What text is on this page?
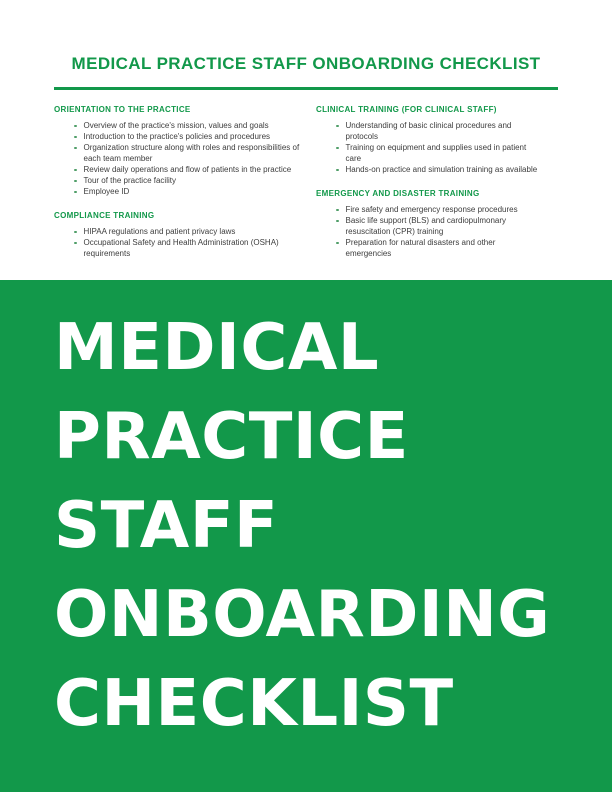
MEDICAL PRACTICE STAFF ONBOARDING CHECKLIST
ORIENTATION TO THE PRACTICE
Overview of the practice's mission, values and goals
Introduction to the practice's policies and procedures
Organization structure along with roles and responsibilities of each team member
Review daily operations and flow of patients in the practice
Tour of the practice facility
Employee ID
COMPLIANCE TRAINING
HIPAA regulations and patient privacy laws
Occupational Safety and Health Administration (OSHA) requirements
CLINICAL TRAINING (FOR CLINICAL STAFF)
Understanding of basic clinical procedures and protocols
Training on equipment and supplies used in patient care
Hands-on practice and simulation training as available
EMERGENCY AND DISASTER TRAINING
Fire safety and emergency response procedures
Basic life support (BLS) and cardiopulmonary resuscitation (CPR) training
Preparation for natural disasters and other emergencies
MEDICAL
PRACTICE
STAFF
ONBOARDING
CHECKLIST
